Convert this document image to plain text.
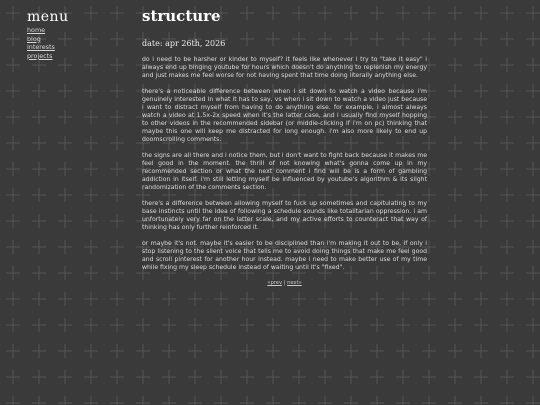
menu
home
blog
interests
projects
structure
date: apr 26th, 2026

do i need to be harsher or kinder to myself? it feels like whenever i try to "take it easy" i always end up binging youtube for hours which doesn't do anything to replenish my energy and just makes me feel worse for not having spent that time doing literally anything else.

there's a noticeable difference between when i sit down to watch a video because i'm genuinely interested in what it has to say, vs when i sit down to watch a video just because i want to distract myself from having to do anything else. for example, i almost always watch a video at 1.5x-2x speed when it's the latter case, and i usually find myself hopping to other videos in the recommended sidebar (or middle-clicking if i'm on pc) thinking that maybe this one will keep me distracted for long enough. i'm also more likely to end up doomscrolling comments.

the signs are all there and i notice them, but i don't want to fight back because it makes me feel good in the moment. the thrill of not knowing what's gonna come up in my recommended section or what the next comment i find will be is a form of gambling addiction in itself. i'm still letting myself be influenced by youtube's algorithm & its slight randomization of the comments section.

there's a difference between allowing myself to fuck up sometimes and capitulating to my base instincts until the idea of following a schedule sounds like totalitarian oppression. i am unfortunately very far on the latter scale, and my active efforts to counteract that way of thinking has only further reinforced it.

or maybe it's not. maybe it's easier to be disciplined than i'm making it out to be, if only i stop listening to the silent voice that tells me to avoid doing things that make me feel good and scroll pinterest for another hour instead. maybe i need to make better use of my time while fixing my sleep schedule instead of waiting until it's "fixed".

«prev | next»
